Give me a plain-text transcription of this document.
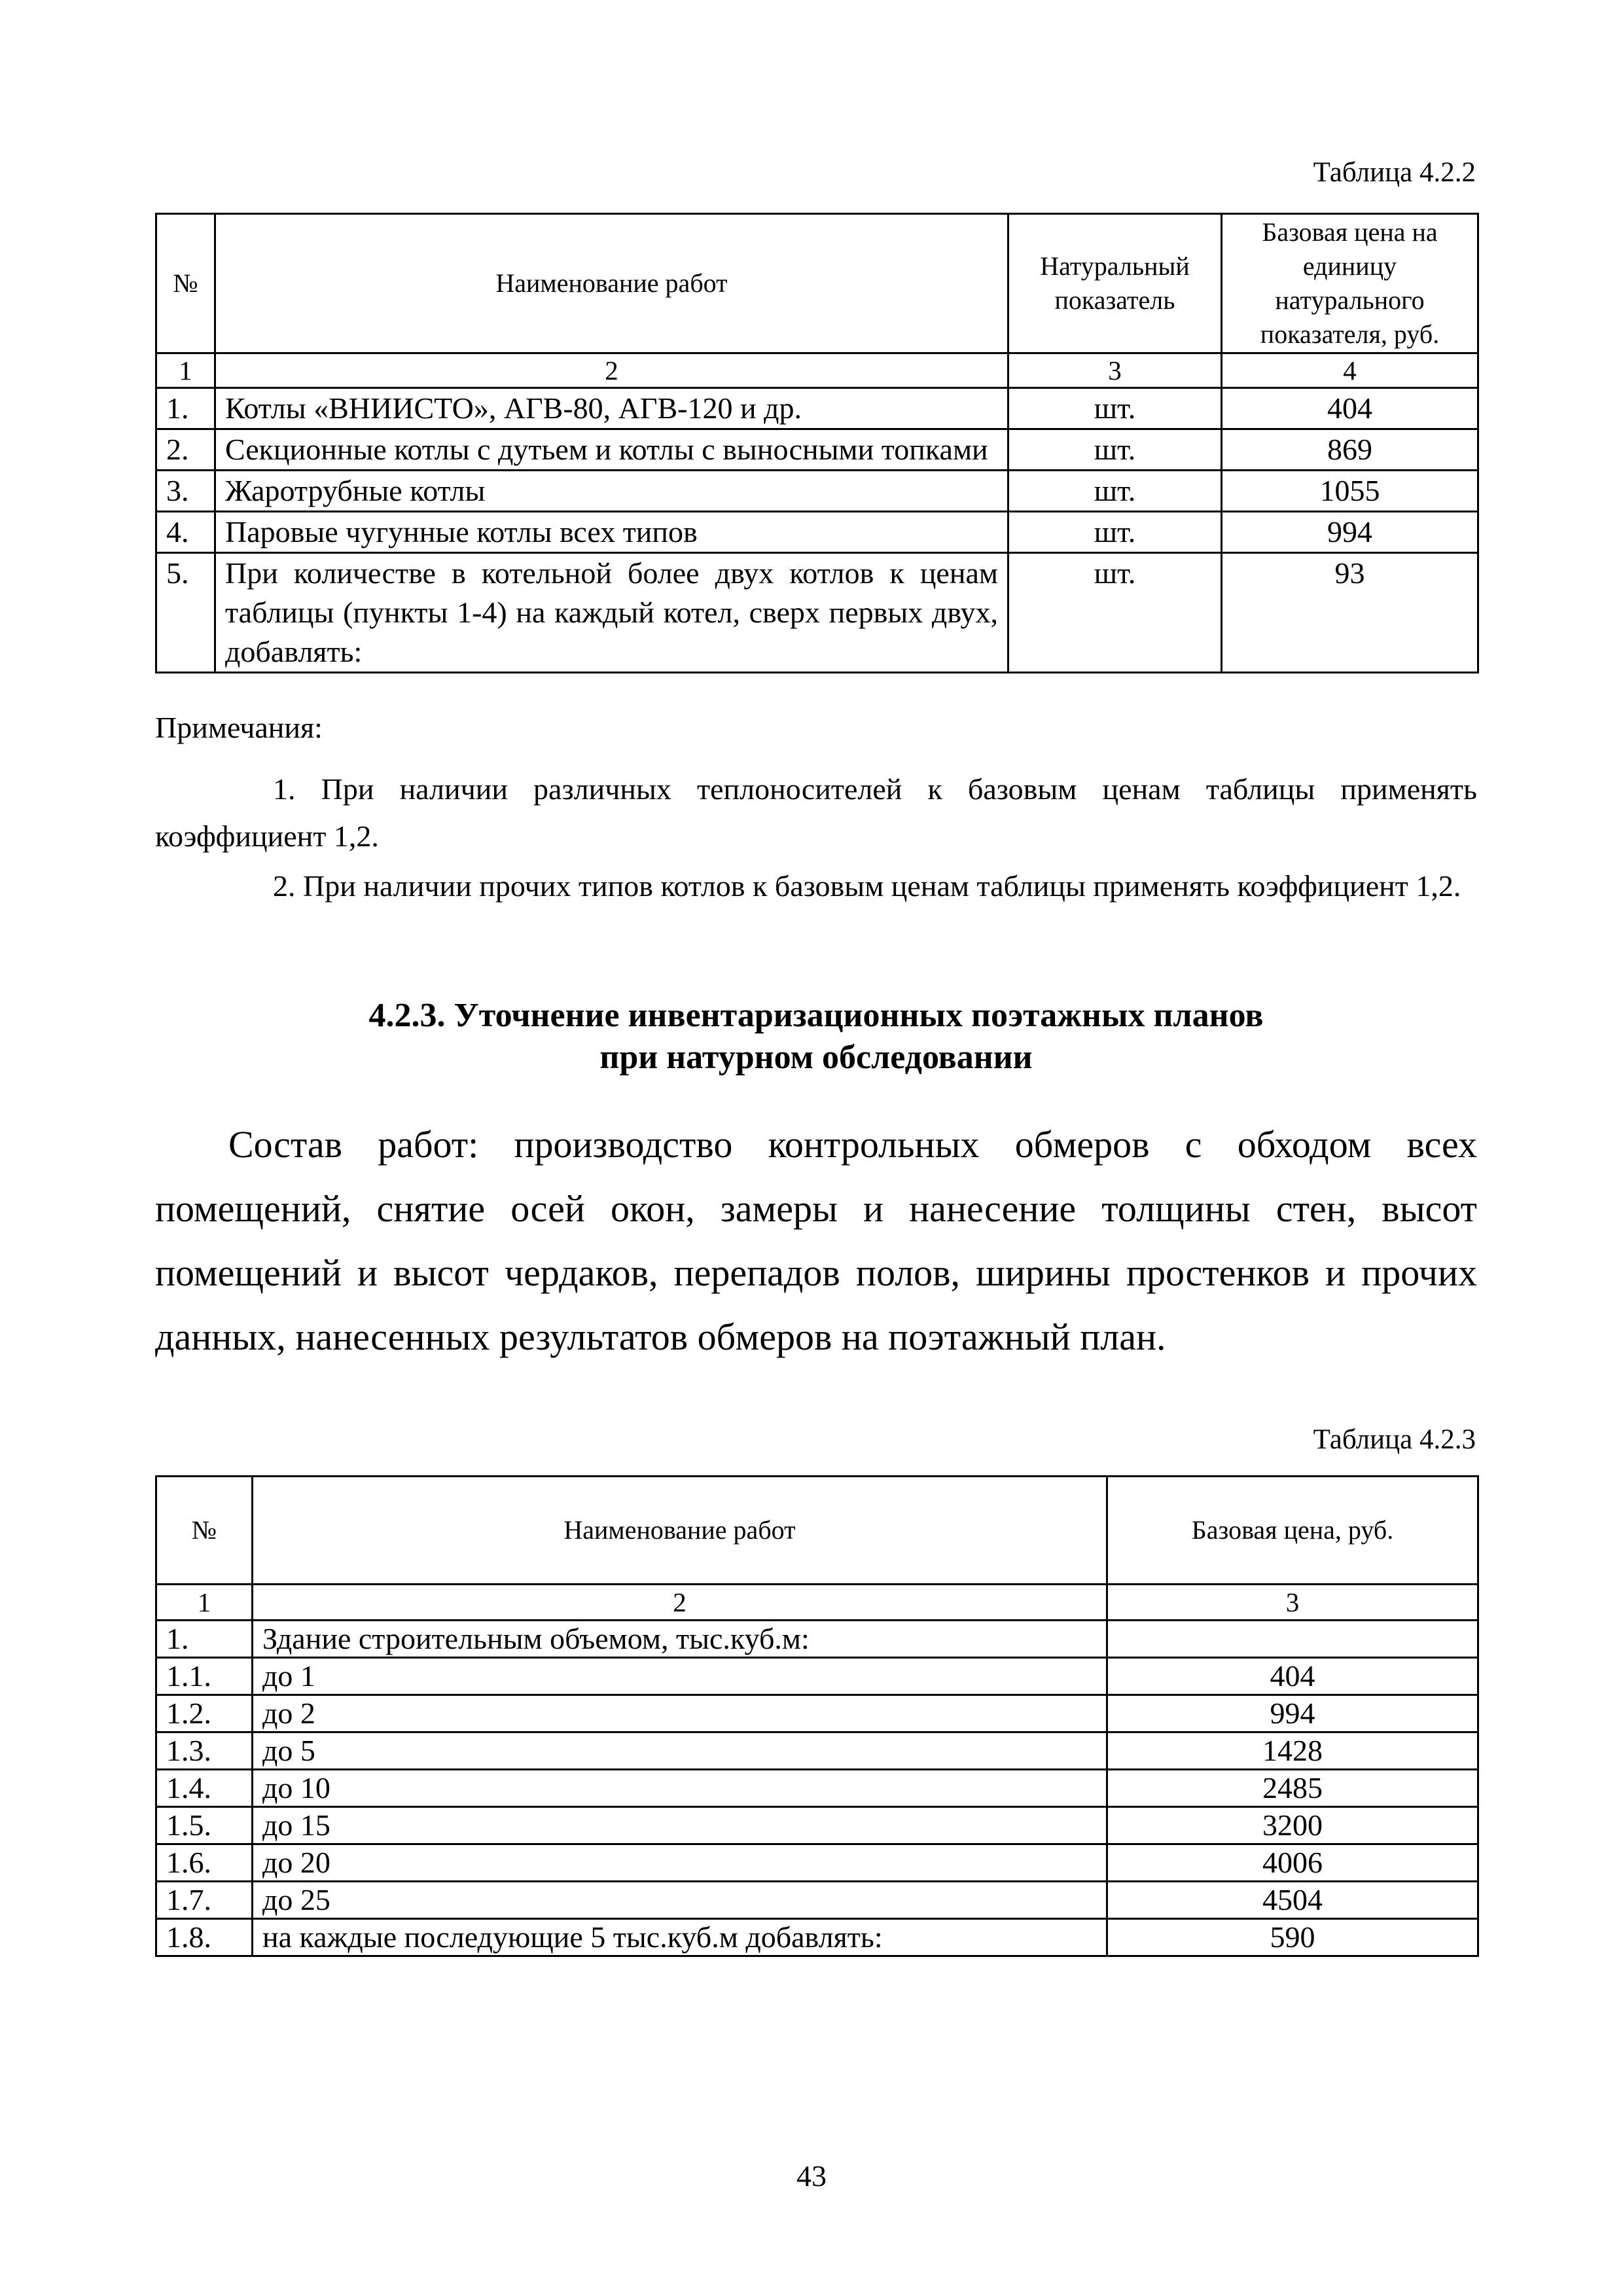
Таблица 4.2.2
№	Наименование работ	Натуральный показатель	Базовая цена на единицу натурального показателя, руб.
1	2	3	4
1.	Котлы «ВНИИСТО», АГВ-80, АГВ-120 и др.	шт.	404
2.	Секционные котлы с дутьем и котлы с выносными топками	шт.	869
3.	Жаротрубные котлы	шт.	1055
4.	Паровые чугунные котлы всех типов	шт.	994
5.	При количестве в котельной более двух котлов к ценам таблицы (пункты 1-4) на каждый котел, сверх первых двух, добавлять:	шт.	93
Примечания:
1. При наличии различных теплоносителей к базовым ценам таблицы применять коэффициент 1,2.
2. При наличии прочих типов котлов к базовым ценам таблицы применять коэффициент 1,2.
4.2.3. Уточнение инвентаризационных поэтажных планов
при натурном обследовании
Состав работ: производство контрольных обмеров с обходом всех помещений, снятие осей окон, замеры и нанесение толщины стен, высот помещений и высот чердаков, перепадов полов, ширины простенков и прочих данных, нанесенных результатов обмеров на поэтажный план.
Таблица 4.2.3
№	Наименование работ	Базовая цена, руб.
1	2	3
1.	Здание строительным объемом, тыс.куб.м:	
1.1.	до 1	404
1.2.	до 2	994
1.3.	до 5	1428
1.4.	до 10	2485
1.5.	до 15	3200
1.6.	до 20	4006
1.7.	до 25	4504
1.8.	на каждые последующие 5 тыс.куб.м добавлять:	590
43
